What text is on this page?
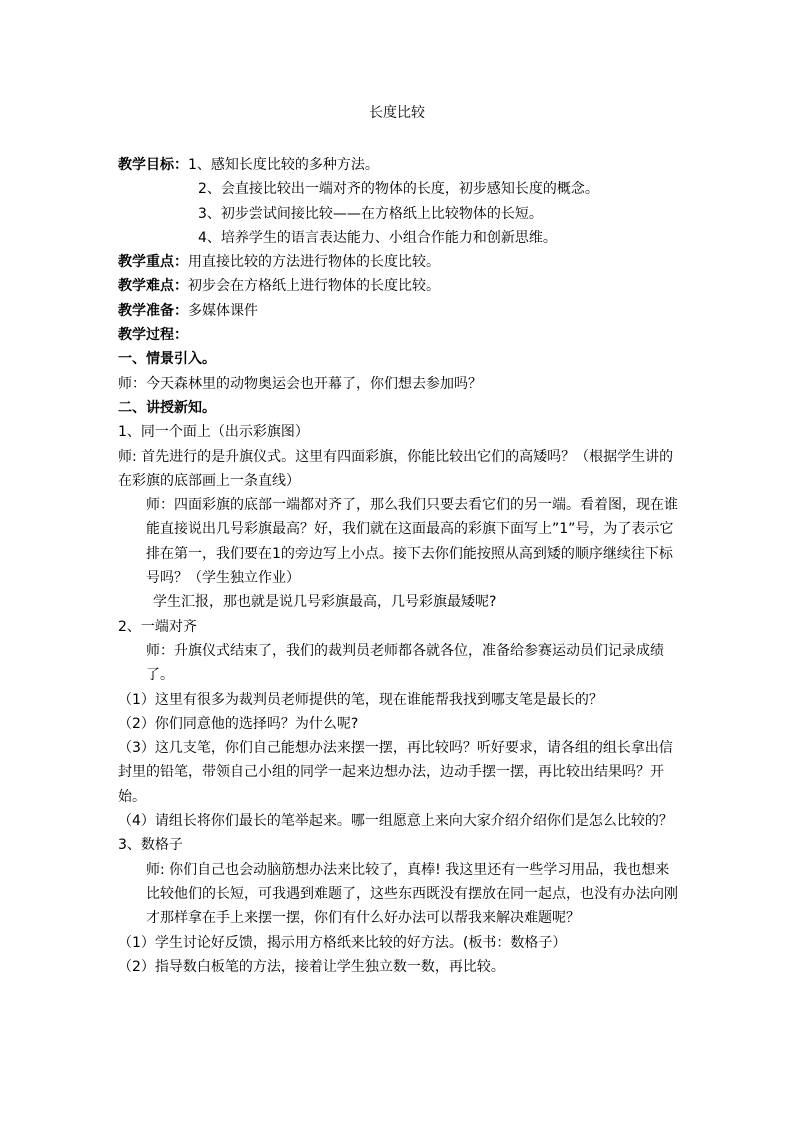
长度比较
教学目标：1、感知长度比较的多种方法。
2、会直接比较出一端对齐的物体的长度，初步感知长度的概念。
3、初步尝试间接比较——在方格纸上比较物体的长短。
4、培养学生的语言表达能力、小组合作能力和创新思维。
教学重点：用直接比较的方法进行物体的长度比较。
教学难点：初步会在方格纸上进行物体的长度比较。
教学准备：多媒体课件
教学过程：
一、情景引入。
师：今天森林里的动物奥运会也开幕了，你们想去参加吗？
二、讲授新知。
1、同一个面上（出示彩旗图）
师: 首先进行的是升旗仪式。这里有四面彩旗，你能比较出它们的高矮吗？（根据学生讲的在彩旗的底部画上一条直线）
师：四面彩旗的底部一端都对齐了，那么我们只要去看它们的另一端。看着图，现在谁能直接说出几号彩旗最高？好，我们就在这面最高的彩旗下面写上”1”号，为了表示它排在第一，我们要在1的旁边写上小点。接下去你们能按照从高到矮的顺序继续往下标号吗？（学生独立作业）
学生汇报，那也就是说几号彩旗最高，几号彩旗最矮呢?
2、一端对齐
师：升旗仪式结束了，我们的裁判员老师都各就各位，准备给参赛运动员们记录成绩了。
（1）这里有很多为裁判员老师提供的笔，现在谁能帮我找到哪支笔是最长的？
（2）你们同意他的选择吗？为什么呢?
（3）这几支笔，你们自己能想办法来摆一摆，再比较吗？听好要求，请各组的组长拿出信封里的铅笔，带领自己小组的同学一起来边想办法，边动手摆一摆，再比较出结果吗？开始。
（4）请组长将你们最长的笔举起来。哪一组愿意上来向大家介绍介绍你们是怎么比较的？
3、数格子
师: 你们自己也会动脑筋想办法来比较了，真棒! 我这里还有一些学习用品，我也想来比较他们的长短，可我遇到难题了，这些东西既没有摆放在同一起点，也没有办法向刚才那样拿在手上来摆一摆，你们有什么好办法可以帮我来解决难题呢？
（1）学生讨论好反馈，揭示用方格纸来比较的好方法。(板书：数格子）
（2）指导数白板笔的方法，接着让学生独立数一数，再比较。
